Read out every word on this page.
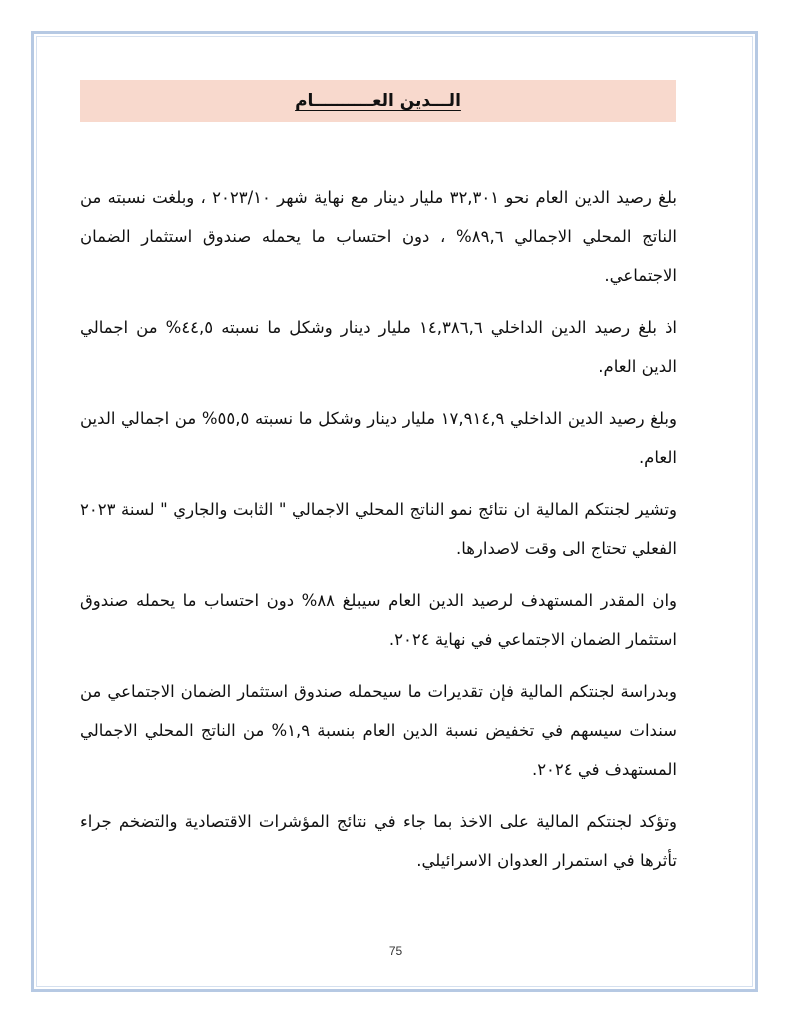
الـــدين العــــــــــام

بلغ رصيد الدين العام نحو ٣٢,٣٠١ مليار دينار مع نهاية شهر ٢٠٢٣/١٠ ، وبلغت نسبته من الناتج المحلي الاجمالي ٨٩,٦% ، دون احتساب ما يحمله صندوق استثمار الضمان الاجتماعي.

اذ بلغ رصيد الدين الداخلي ١٤,٣٨٦,٦ مليار دينار وشكل ما نسبته ٤٤,٥% من اجمالي الدين العام.

وبلغ رصيد الدين الداخلي ١٧,٩١٤,٩ مليار دينار وشكل ما نسبته ٥٥,٥% من اجمالي الدين العام.

وتشير لجنتكم المالية ان نتائج نمو الناتج المحلي الاجمالي " الثابت والجاري " لسنة ٢٠٢٣ الفعلي تحتاج الى وقت لاصدارها.

وان المقدر المستهدف لرصيد الدين العام سيبلغ ٨٨% دون احتساب ما يحمله صندوق استثمار الضمان الاجتماعي في نهاية ٢٠٢٤.

وبدراسة لجنتكم المالية فإن تقديرات ما سيحمله صندوق استثمار الضمان الاجتماعي من سندات سيسهم في تخفيض نسبة الدين العام بنسبة ١,٩% من الناتج المحلي الاجمالي المستهدف في ٢٠٢٤.

وتؤكد لجنتكم المالية على الاخذ بما جاء في نتائج المؤشرات الاقتصادية والتضخم جراء تأثرها في استمرار العدوان الاسرائيلي.

75
